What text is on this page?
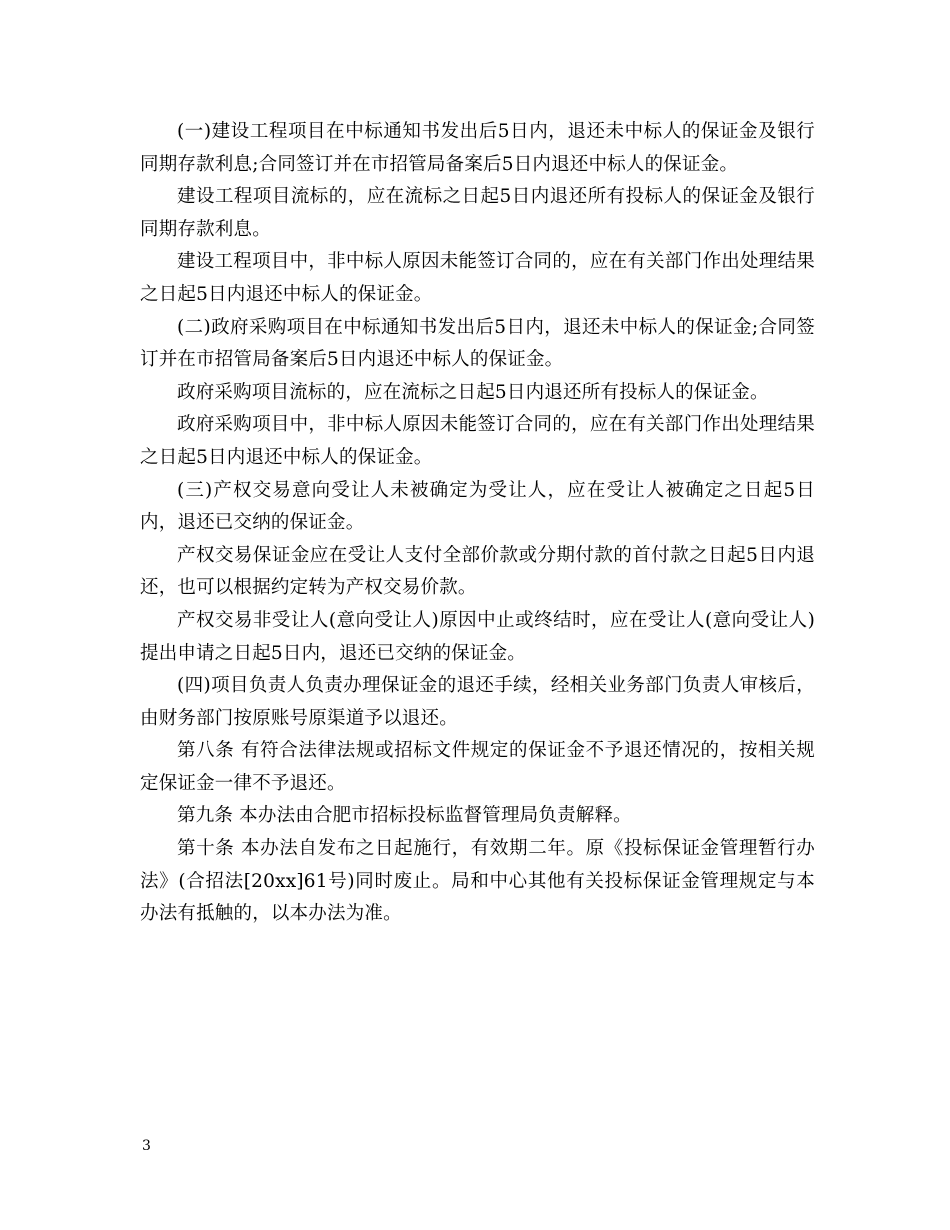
(一)建设工程项目在中标通知书发出后5日内，退还未中标人的保证金及银行同期存款利息;合同签订并在市招管局备案后5日内退还中标人的保证金。

建设工程项目流标的，应在流标之日起5日内退还所有投标人的保证金及银行同期存款利息。

建设工程项目中，非中标人原因未能签订合同的，应在有关部门作出处理结果之日起5日内退还中标人的保证金。

(二)政府采购项目在中标通知书发出后5日内，退还未中标人的保证金;合同签订并在市招管局备案后5日内退还中标人的保证金。

政府采购项目流标的，应在流标之日起5日内退还所有投标人的保证金。

政府采购项目中，非中标人原因未能签订合同的，应在有关部门作出处理结果之日起5日内退还中标人的保证金。

(三)产权交易意向受让人未被确定为受让人，应在受让人被确定之日起5日内，退还已交纳的保证金。

产权交易保证金应在受让人支付全部价款或分期付款的首付款之日起5日内退还，也可以根据约定转为产权交易价款。

产权交易非受让人(意向受让人)原因中止或终结时，应在受让人(意向受让人)提出申请之日起5日内，退还已交纳的保证金。

(四)项目负责人负责办理保证金的退还手续，经相关业务部门负责人审核后，由财务部门按原账号原渠道予以退还。

第八条 有符合法律法规或招标文件规定的保证金不予退还情况的，按相关规定保证金一律不予退还。

第九条 本办法由合肥市招标投标监督管理局负责解释。

第十条 本办法自发布之日起施行，有效期二年。原《投标保证金管理暂行办法》(合招法[20xx]61号)同时废止。局和中心其他有关投标保证金管理规定与本办法有抵触的，以本办法为准。

3
